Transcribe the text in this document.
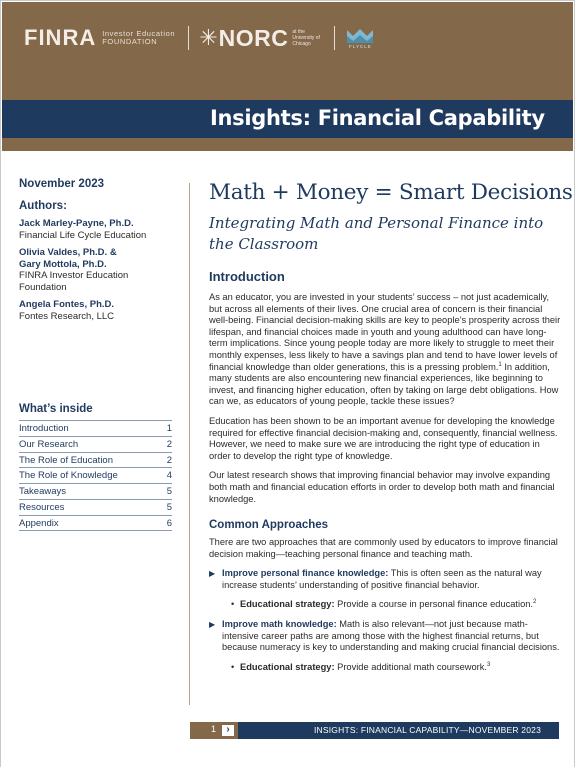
FINRA Investor Education FOUNDATION	✳ NORC at the University of Chicago	FLYCLE
Insights: Financial Capability
November 2023
Authors:
Jack Marley-Payne, Ph.D.
Financial Life Cycle Education
Olivia Valdes, Ph.D. & Gary Mottola, Ph.D.
FINRA Investor Education Foundation
Angela Fontes, Ph.D.
Fontes Research, LLC
What’s inside
Introduction	1
Our Research	2
The Role of Education	2
The Role of Knowledge	4
Takeaways	5
Resources	5
Appendix	6
Math + Money = Smart Decisions
Integrating Math and Personal Finance into the Classroom
Introduction

As an educator, you are invested in your students’ success – not just academically, but across all elements of their lives. One crucial area of concern is their financial well-being. Financial decision-making skills are key to people’s prosperity across their lifespan, and financial choices made in youth and young adulthood can have long-term implications. Since young people today are more likely to struggle to meet their monthly expenses, less likely to have a savings plan and tend to have lower levels of financial knowledge than older generations, this is a pressing problem.$^1$ In addition, many students are also encountering new financial experiences, like beginning to invest, and financing higher education, often by taking on large debt obligations. How can we, as educators of young people, tackle these issues?

Education has been shown to be an important avenue for developing the knowledge required for effective financial decision-making and, consequently, financial wellness. However, we need to make sure we are introducing the right type of education in order to develop the right type of knowledge.

Our latest research shows that improving financial behavior may involve expanding both math and financial education efforts in order to develop both math and financial knowledge.

Common Approaches

There are two approaches that are commonly used by educators to improve financial decision making—teaching personal finance and teaching math.

▶ Improve personal finance knowledge: This is often seen as the natural way increase students’ understanding of positive financial behavior.
• Educational strategy: Provide a course in personal finance education.$^2$
▶ Improve math knowledge: Math is also relevant—not just because math-intensive career paths are among those with the highest financial returns, but because numeracy is key to understanding and making crucial financial decisions.
• Educational strategy: Provide additional math coursework.$^3$
1	›	INSIGHTS: FINANCIAL CAPABILITY—NOVEMBER 2023
